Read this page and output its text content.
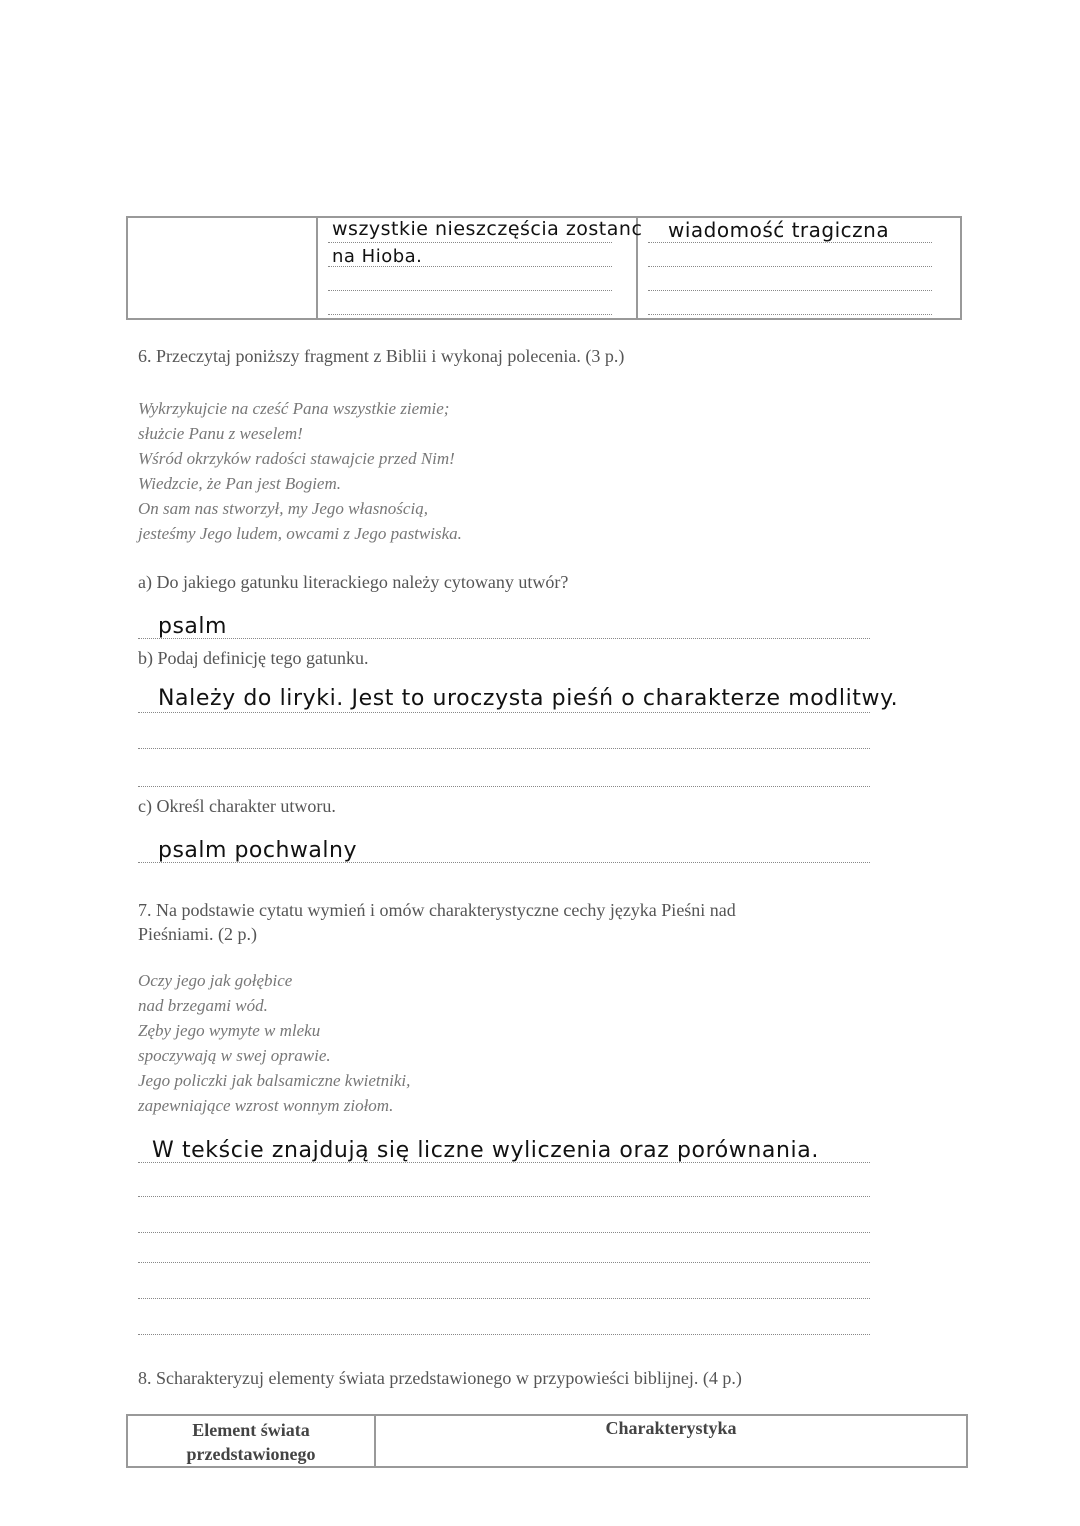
wszystkie nieszczęścia zostanc
na Hioba.
wiadomość tragiczna
6. Przeczytaj poniższy fragment z Biblii i wykonaj polecenia. (3 p.)
Wykrzykujcie na cześć Pana wszystkie ziemie;
służcie Panu z weselem!
Wśród okrzyków radości stawajcie przed Nim!
Wiedzcie, że Pan jest Bogiem.
On sam nas stworzył, my Jego własnością,
jesteśmy Jego ludem, owcami z Jego pastwiska.
a) Do jakiego gatunku literackiego należy cytowany utwór?
psalm
b) Podaj definicję tego gatunku.
Należy do liryki. Jest to uroczysta pieśń o charakterze modlitwy.
c) Określ charakter utworu.
psalm pochwalny
7. Na podstawie cytatu wymień i omów charakterystyczne cechy języka Pieśni nad
Pieśniami. (2 p.)
Oczy jego jak gołębice
nad brzegami wód.
Zęby jego wymyte w mleku
spoczywają w swej oprawie.
Jego policzki jak balsamiczne kwietniki,
zapewniające wzrost wonnym ziołom.
W tekście znajdują się liczne wyliczenia oraz porównania.
8. Scharakteryzuj elementy świata przedstawionego w przypowieści biblijnej. (4 p.)
Element świata
przedstawionego
Charakterystyka
